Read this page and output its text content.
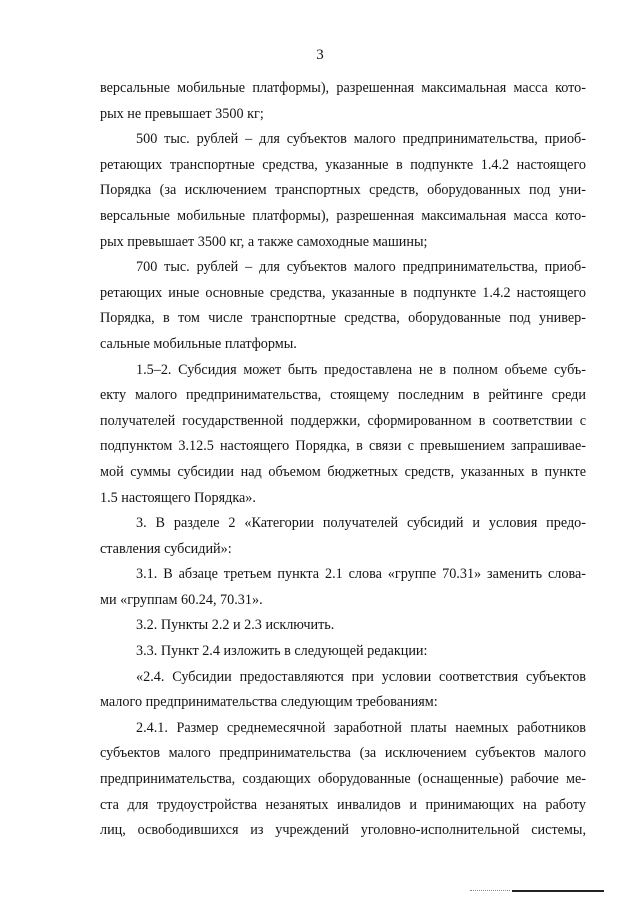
3

версальные мобильные платформы), разрешенная максимальная масса кото-
рых не превышает 3500 кг;

500 тыс. рублей – для субъектов малого предпринимательства, приоб-
ретающих транспортные средства, указанные в подпункте 1.4.2 настоящего
Порядка (за исключением транспортных средств, оборудованных под уни-
версальные мобильные платформы), разрешенная максимальная масса кото-
рых превышает 3500 кг, а также самоходные машины;

700 тыс. рублей – для субъектов малого предпринимательства, приоб-
ретающих иные основные средства, указанные в подпункте 1.4.2 настоящего
Порядка, в том числе транспортные средства, оборудованные под универ-
сальные мобильные платформы.

1.5–2. Субсидия может быть предоставлена не в полном объеме субъ-
екту малого предпринимательства, стоящему последним в рейтинге среди
получателей государственной поддержки, сформированном в соответствии с
подпунктом 3.12.5 настоящего Порядка, в связи с превышением запрашивае-
мой суммы субсидии над объемом бюджетных средств, указанных в пункте
1.5 настоящего Порядка».

3. В разделе 2 «Категории получателей субсидий и условия предо-
ставления субсидий»:

3.1. В абзаце третьем пункта 2.1 слова «группе 70.31» заменить слова-
ми «группам 60.24, 70.31».

3.2. Пункты 2.2 и 2.3 исключить.

3.3. Пункт 2.4 изложить в следующей редакции:

«2.4. Субсидии предоставляются при условии соответствия субъектов
малого предпринимательства следующим требованиям:

2.4.1. Размер среднемесячной заработной платы наемных работников
субъектов малого предпринимательства (за исключением субъектов малого
предпринимательства, создающих оборудованные (оснащенные) рабочие ме-
ста для трудоустройства незанятых инвалидов и принимающих на работу
лиц, освободившихся из учреждений уголовно-исполнительной системы,
